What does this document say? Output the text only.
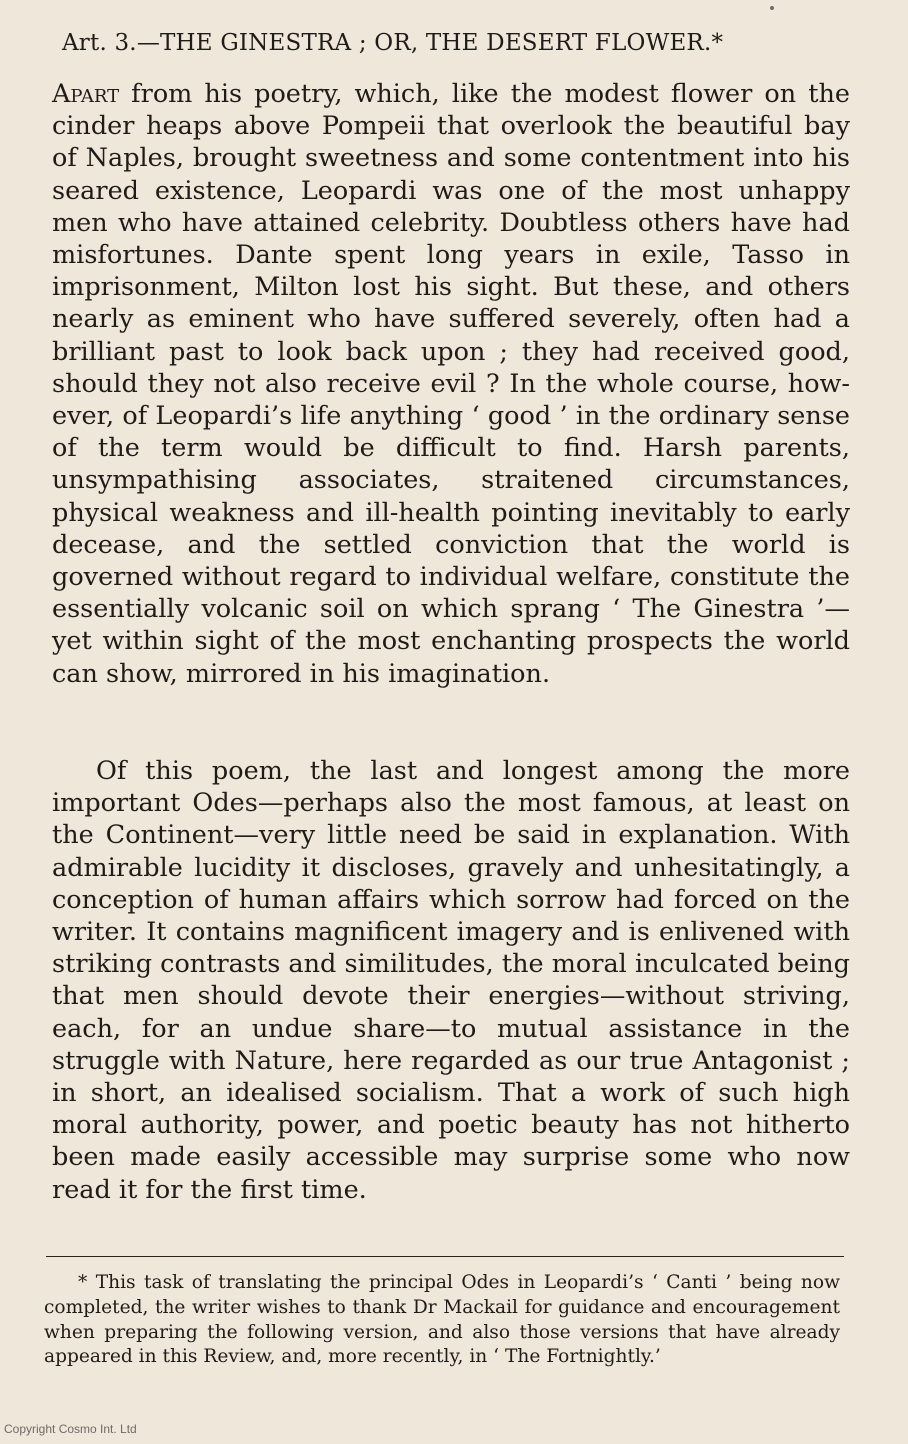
Art. 3.—THE GINESTRA ; OR, THE DESERT FLOWER.*
Apart from his poetry, which, like the modest flower on the cinder heaps above Pompeii that overlook the beautiful bay of Naples, brought sweetness and some contentment into his seared existence, Leopardi was one of the most unhappy men who have attained celebrity. Doubtless others have had misfortunes. Dante spent long years in exile, Tasso in imprisonment, Milton lost his sight. But these, and others nearly as eminent who have suffered severely, often had a brilliant past to look back upon ; they had received good, should they not also receive evil ? In the whole course, however, of Leopardi’s life anything ‘ good ’ in the ordinary sense of the term would be difficult to find. Harsh parents, unsympathising associates, straitened circumstances, physical weakness and ill-health pointing inevitably to early decease, and the settled conviction that the world is governed without regard to individual welfare, constitute the essentially volcanic soil on which sprang ‘ The Ginestra ’—yet within sight of the most enchanting prospects the world can show, mirrored in his imagination.
Of this poem, the last and longest among the more important Odes—perhaps also the most famous, at least on the Continent—very little need be said in explanation. With admirable lucidity it discloses, gravely and unhesitatingly, a conception of human affairs which sorrow had forced on the writer. It contains magnificent imagery and is enlivened with striking contrasts and similitudes, the moral inculcated being that men should devote their energies—without striving, each, for an undue share—to mutual assistance in the struggle with Nature, here regarded as our true Antagonist ; in short, an idealised socialism. That a work of such high moral authority, power, and poetic beauty has not hitherto been made easily accessible may surprise some who now read it for the first time.
* This task of translating the principal Odes in Leopardi’s ‘ Canti ’ being now completed, the writer wishes to thank Dr Mackail for guidance and encouragement when preparing the following version, and also those versions that have already appeared in this Review, and, more recently, in ‘ The Fortnightly.’
Copyright Cosmo Int. Ltd
